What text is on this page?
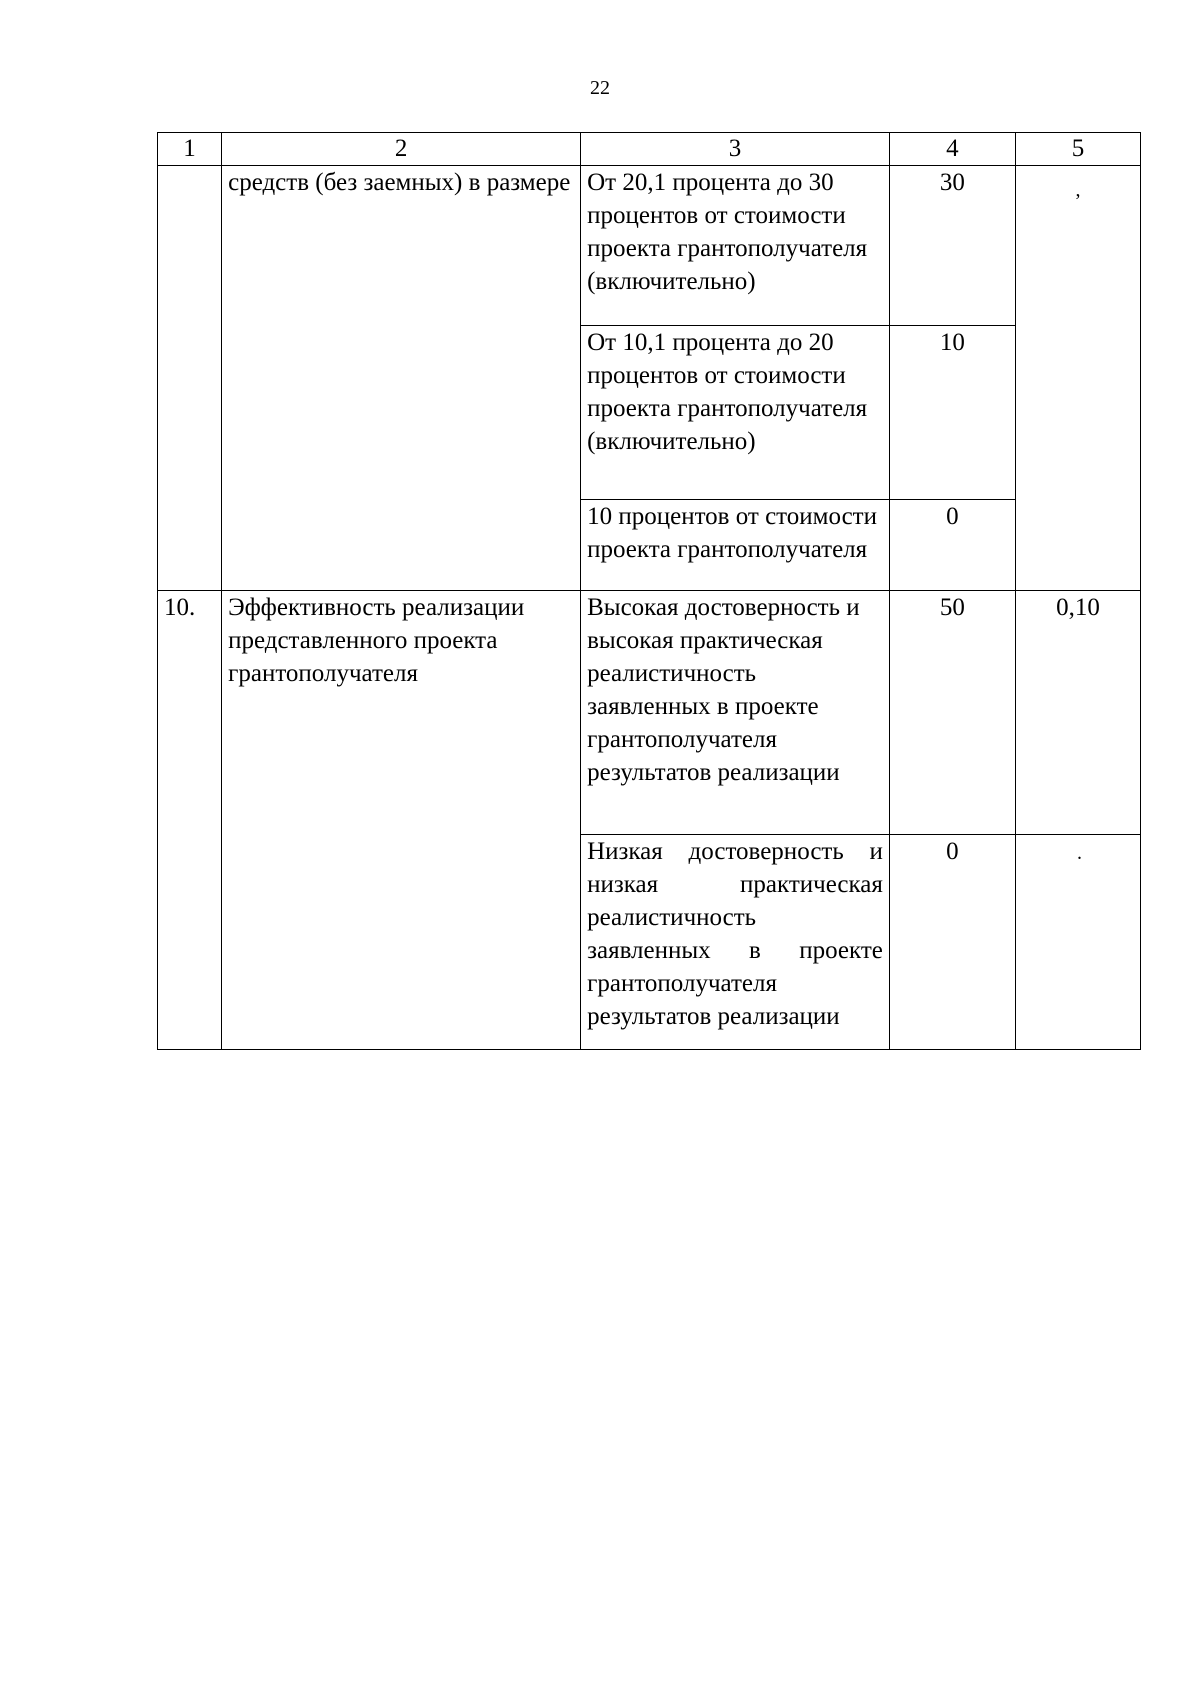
22
1	2	3	4	5
	средств (без заемных) в размере	От 20,1 процента до 30 процентов от стоимости проекта грантополучателя (включительно)	30	,

		От 10,1 процента до 20 процентов от стоимости проекта грантополучателя (включительно)	10	
		10 процентов от стоимости проекта грантополучателя	0	
10.	Эффективность реализации представленного проекта грантополучателя	Высокая достоверность и высокая практическая реалистичность заявленных в проекте грантополучателя результатов реализации	50	0,10
		Низкая достоверность и низкая практическая реалистичность заявленных в проекте грантополучателя результатов реализации	0	.
